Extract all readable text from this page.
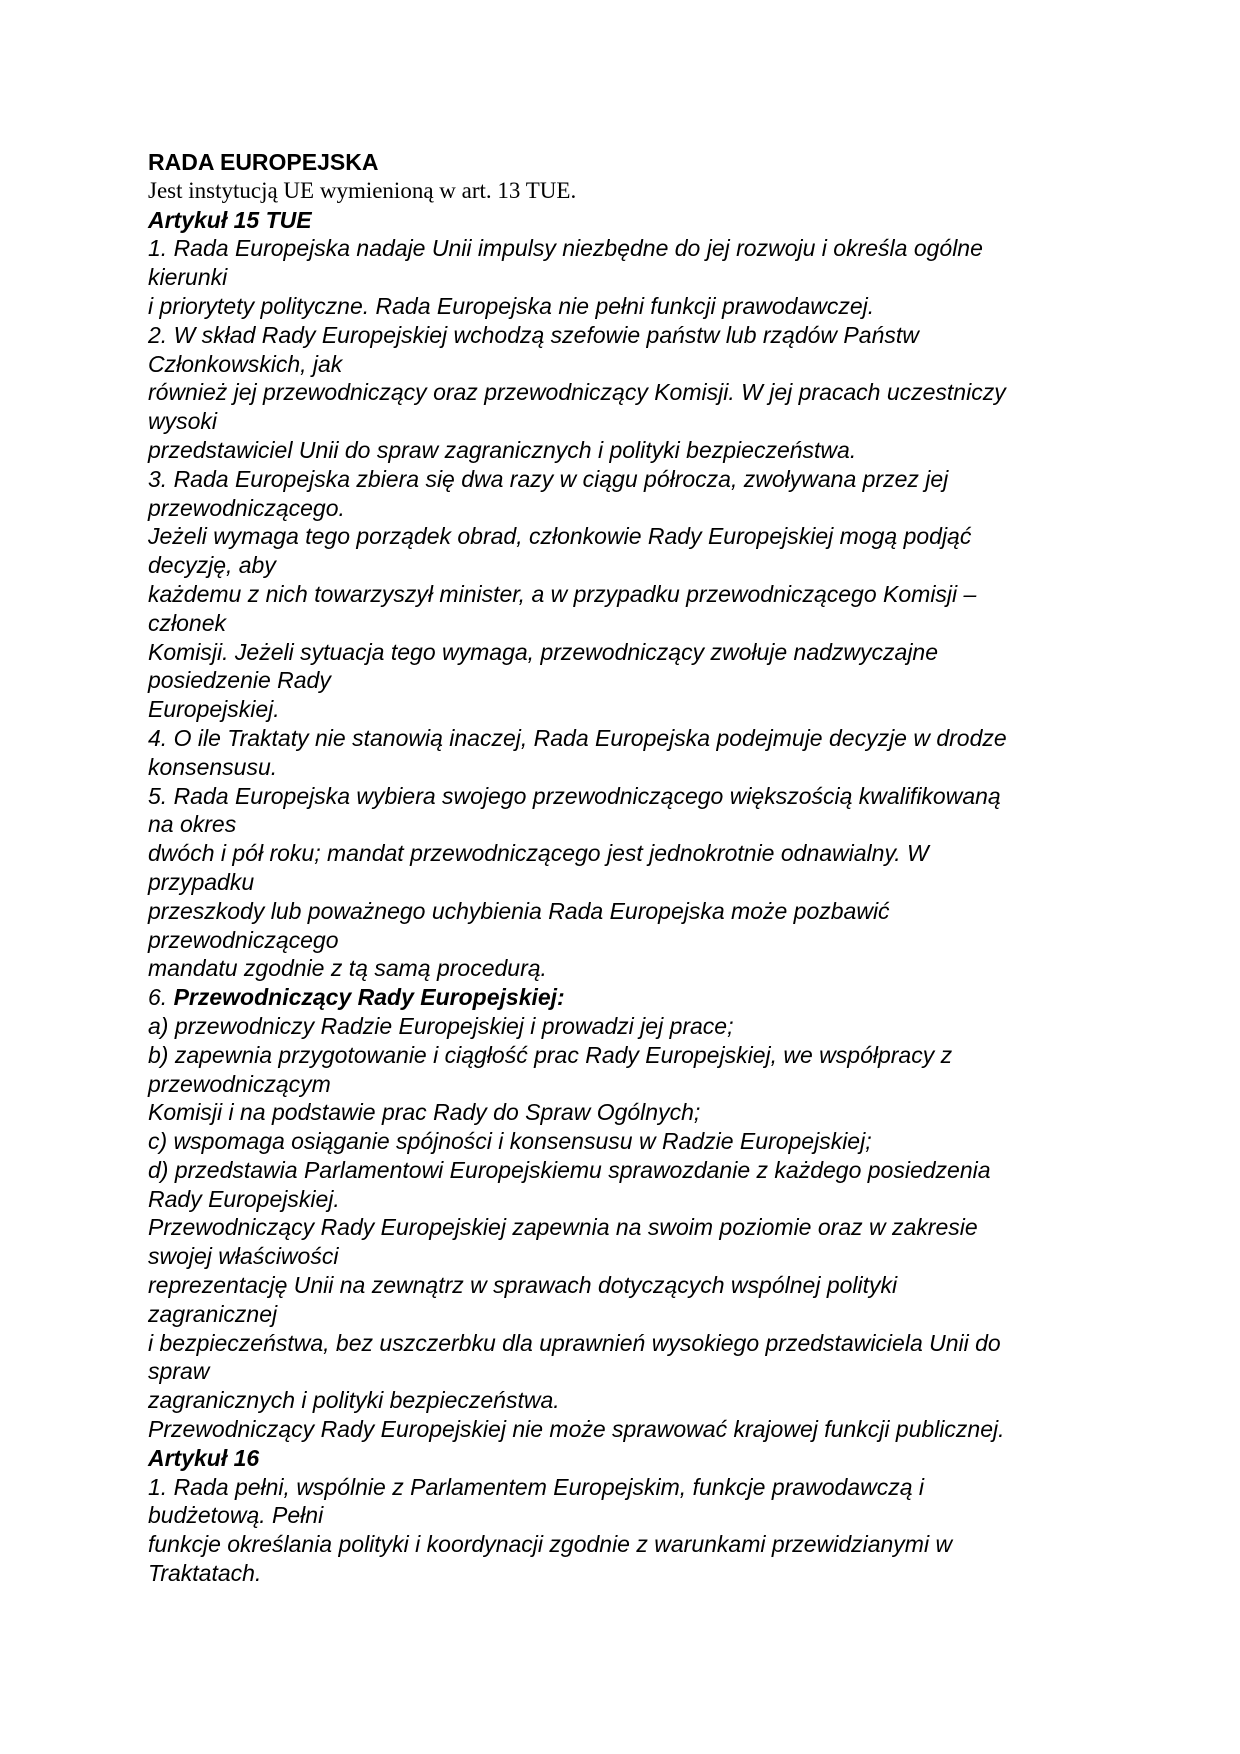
RADA EUROPEJSKA
Jest instytucją UE wymienioną w art. 13 TUE.
Artykuł 15 TUE
1. Rada Europejska nadaje Unii impulsy niezbędne do jej rozwoju i określa ogólne
kierunki
i priorytety polityczne. Rada Europejska nie pełni funkcji prawodawczej.
2. W skład Rady Europejskiej wchodzą szefowie państw lub rządów Państw
Członkowskich, jak
również jej przewodniczący oraz przewodniczący Komisji. W jej pracach uczestniczy
wysoki
przedstawiciel Unii do spraw zagranicznych i polityki bezpieczeństwa.
3. Rada Europejska zbiera się dwa razy w ciągu półrocza, zwoływana przez jej
przewodniczącego.
Jeżeli wymaga tego porządek obrad, członkowie Rady Europejskiej mogą podjąć
decyzję, aby
każdemu z nich towarzyszył minister, a w przypadku przewodniczącego Komisji –
członek
Komisji. Jeżeli sytuacja tego wymaga, przewodniczący zwołuje nadzwyczajne
posiedzenie Rady
Europejskiej.
4. O ile Traktaty nie stanowią inaczej, Rada Europejska podejmuje decyzje w drodze
konsensusu.
5. Rada Europejska wybiera swojego przewodniczącego większością kwalifikowaną
na okres
dwóch i pół roku; mandat przewodniczącego jest jednokrotnie odnawialny. W
przypadku
przeszkody lub poważnego uchybienia Rada Europejska może pozbawić
przewodniczącego
mandatu zgodnie z tą samą procedurą.
6. Przewodniczący Rady Europejskiej:
a) przewodniczy Radzie Europejskiej i prowadzi jej prace;
b) zapewnia przygotowanie i ciągłość prac Rady Europejskiej, we współpracy z
przewodniczącym
Komisji i na podstawie prac Rady do Spraw Ogólnych;
c) wspomaga osiąganie spójności i konsensusu w Radzie Europejskiej;
d) przedstawia Parlamentowi Europejskiemu sprawozdanie z każdego posiedzenia
Rady Europejskiej.
Przewodniczący Rady Europejskiej zapewnia na swoim poziomie oraz w zakresie
swojej właściwości
reprezentację Unii na zewnątrz w sprawach dotyczących wspólnej polityki
zagranicznej
i bezpieczeństwa, bez uszczerbku dla uprawnień wysokiego przedstawiciela Unii do
spraw
zagranicznych i polityki bezpieczeństwa.
Przewodniczący Rady Europejskiej nie może sprawować krajowej funkcji publicznej.
Artykuł 16
1. Rada pełni, wspólnie z Parlamentem Europejskim, funkcje prawodawczą i
budżetową. Pełni
funkcje określania polityki i koordynacji zgodnie z warunkami przewidzianymi w
Traktatach.
